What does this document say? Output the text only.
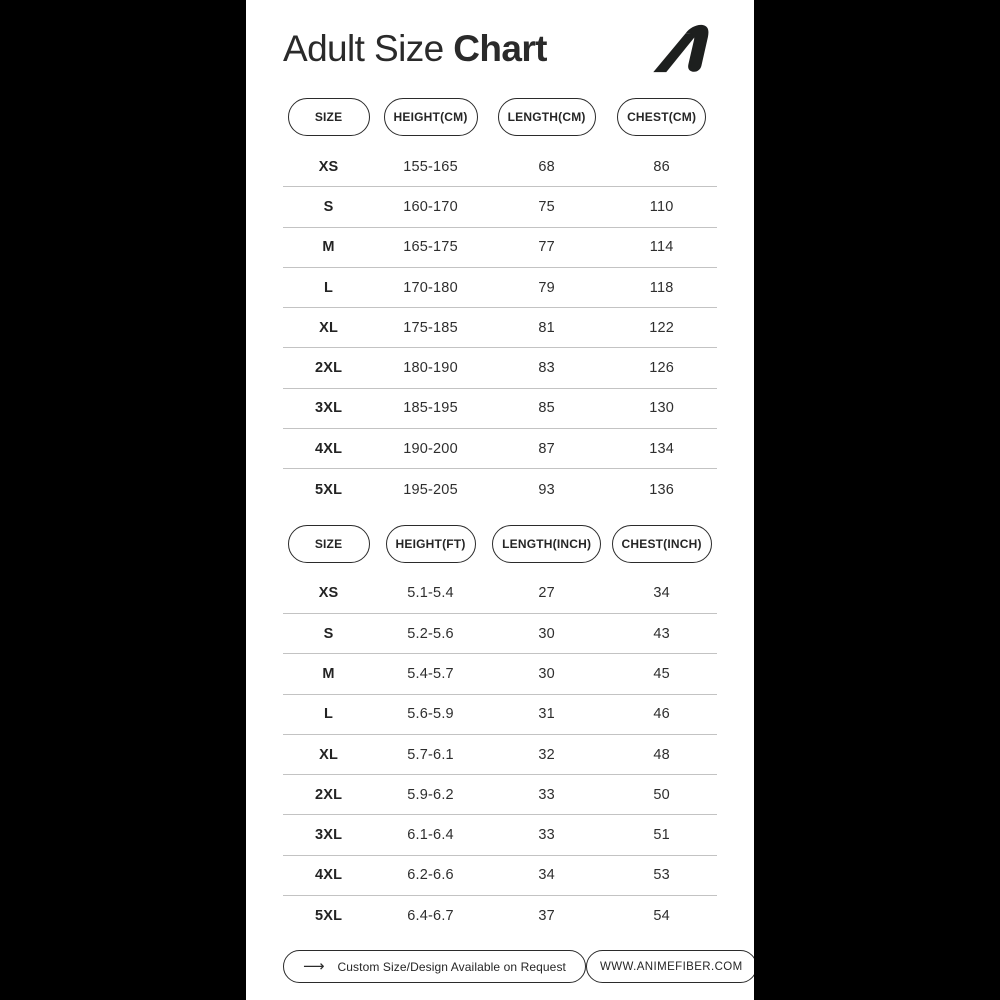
Adult Size Chart
SIZE	HEIGHT(CM)	LENGTH(CM)	CHEST(CM)
XS	155-165	68	86
S	160-170	75	110
M	165-175	77	114
L	170-180	79	118
XL	175-185	81	122
2XL	180-190	83	126
3XL	185-195	85	130
4XL	190-200	87	134
5XL	195-205	93	136
SIZE	HEIGHT(FT)	LENGTH(INCH)	CHEST(INCH)
XS	5.1-5.4	27	34
S	5.2-5.6	30	43
M	5.4-5.7	30	45
L	5.6-5.9	31	46
XL	5.7-6.1	32	48
2XL	5.9-6.2	33	50
3XL	6.1-6.4	33	51
4XL	6.2-6.6	34	53
5XL	6.4-6.7	37	54
⟶ Custom Size/Design Available on Request	WWW.ANIMEFIBER.COM
